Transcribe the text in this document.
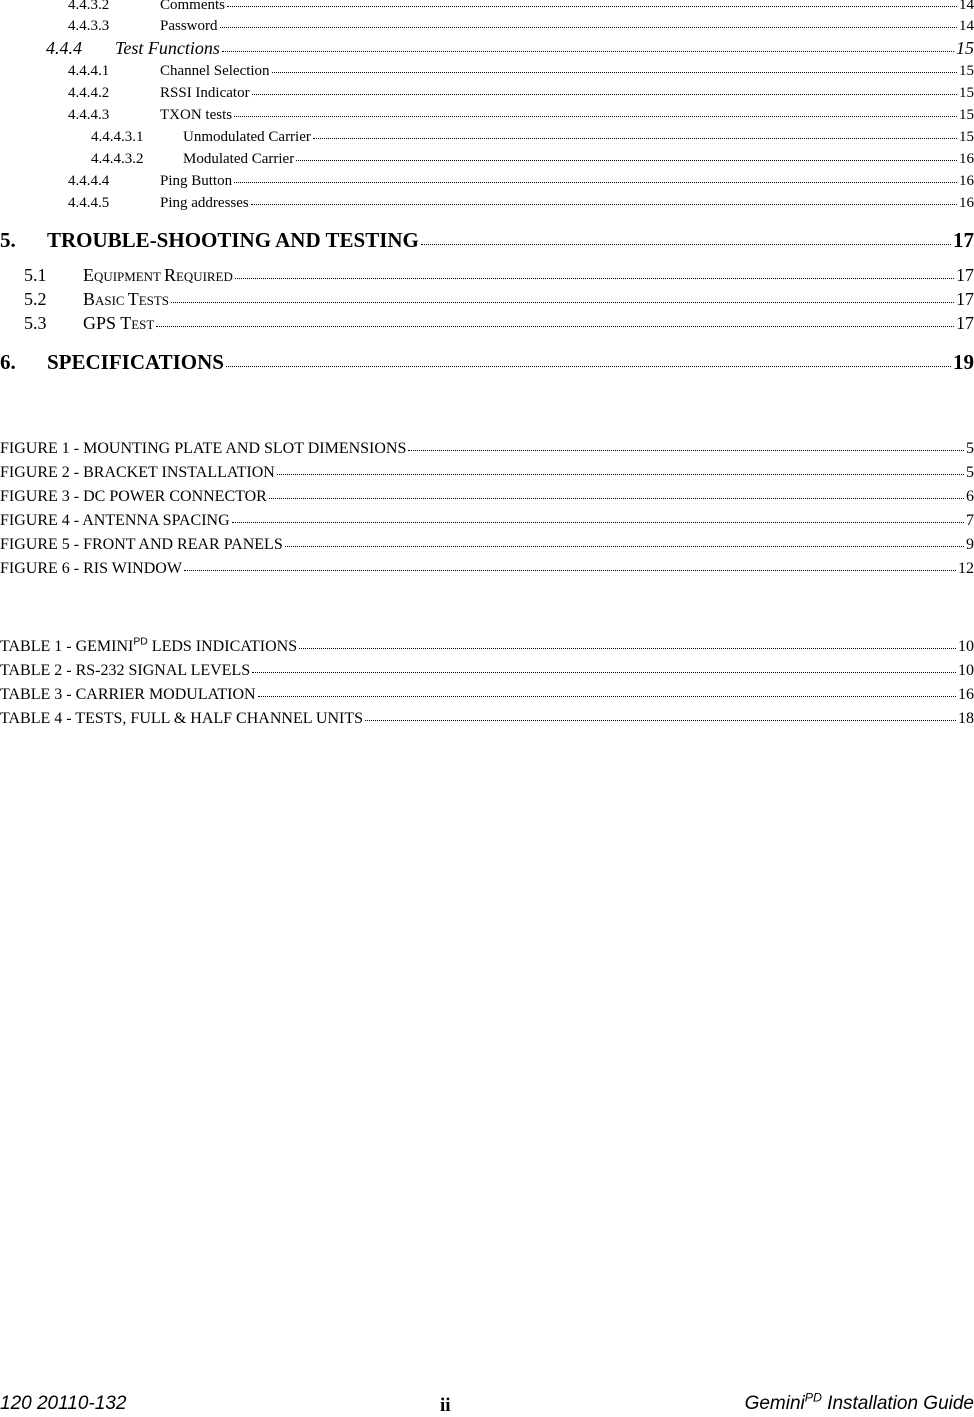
4.4.3.2	Comments	14
4.4.3.3	Password	14
4.4.4	Test Functions	15
4.4.4.1	Channel Selection	15
4.4.4.2	RSSI Indicator	15
4.4.4.3	TXON tests	15
4.4.4.3.1	Unmodulated Carrier	15
4.4.4.3.2	Modulated Carrier	16
4.4.4.4	Ping Button	16
4.4.4.5	Ping addresses	16
5.	TROUBLE-SHOOTING AND TESTING	17
5.1	EQUIPMENT REQUIRED	17
5.2	BASIC TESTS	17
5.3	GPS TEST	17
6.	SPECIFICATIONS	19
FIGURE 1 - MOUNTING PLATE AND SLOT DIMENSIONS	5
FIGURE 2 - BRACKET INSTALLATION	5
FIGURE 3 - DC POWER CONNECTOR	6
FIGURE 4 - ANTENNA SPACING	7
FIGURE 5 - FRONT AND REAR PANELS	9
FIGURE 6 - RIS WINDOW	12
TABLE $1 - GEMINI^{PD}$ LEDS INDICATIONS	10
TABLE 2 - RS-232 SIGNAL LEVELS	10
TABLE 3 - CARRIER MODULATION	16
TABLE 4 - TESTS, FULL & HALF CHANNEL UNITS	18
120 20110-132	ii	Gemini$^{PD}$ Installation Guide
